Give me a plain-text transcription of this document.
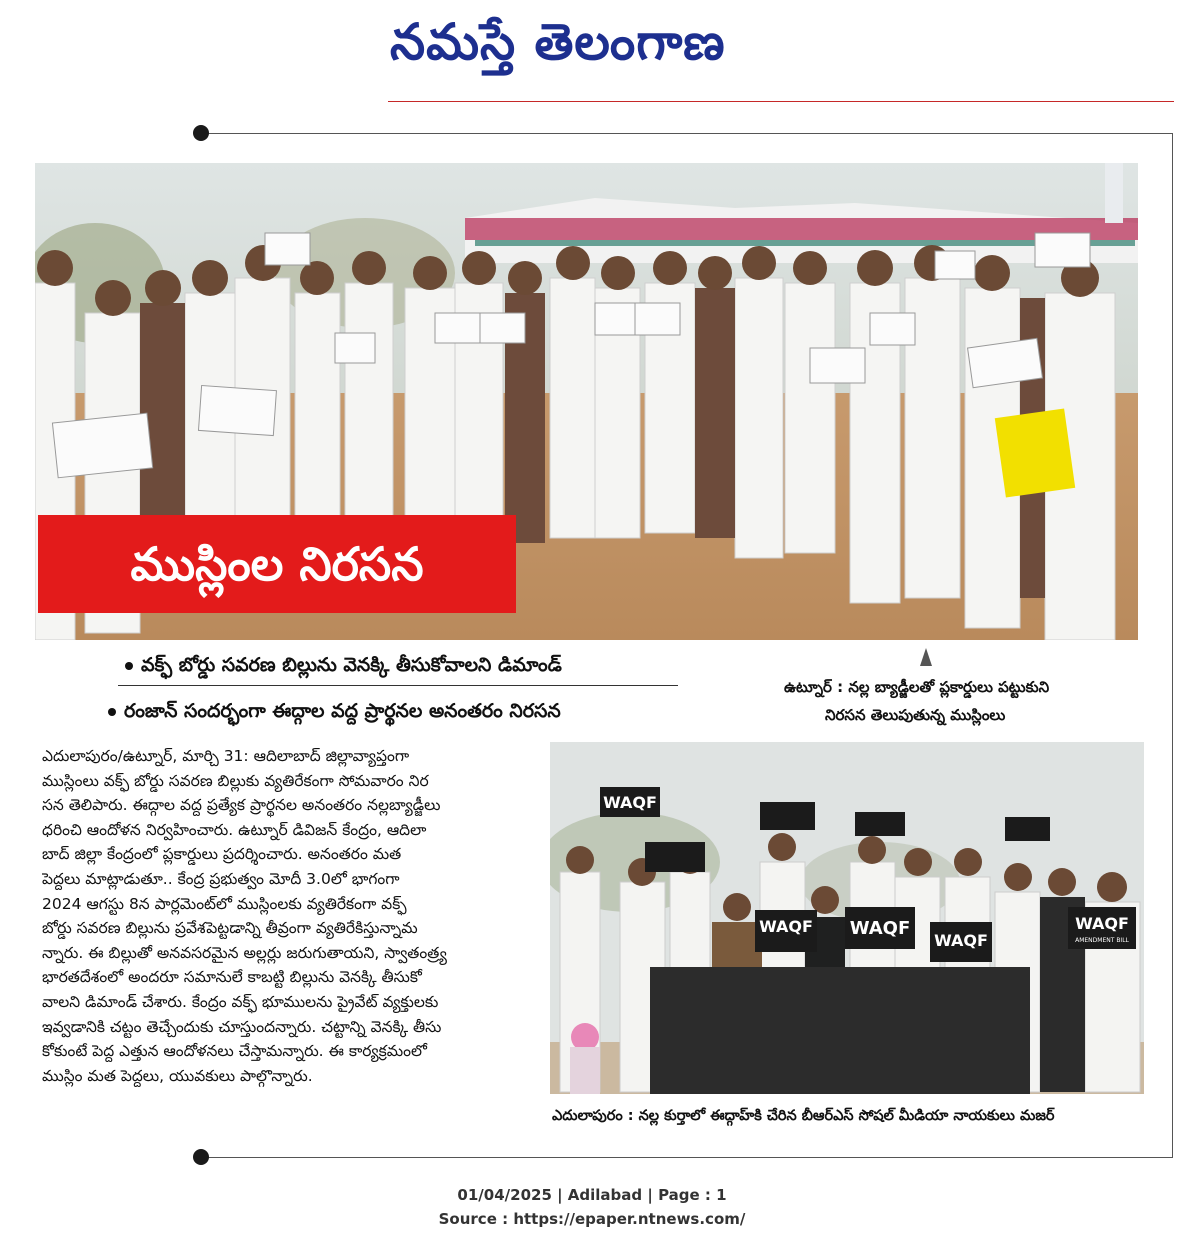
నమస్తే తెలంగాణ
ముస్లింల నిరసన
వక్ఫ్ బోర్డు సవరణ బిల్లును వెనక్కి తీసుకోవాలని డిమాండ్
రంజాన్ సందర్భంగా ఈద్గాల వద్ద ప్రార్థనల అనంతరం నిరసన
ఉట్నూర్ : నల్ల బ్యాడ్జీలతో ప్లకార్డులు పట్టుకుని
నిరసన తెలుపుతున్న ముస్లింలు
ఎదులాపురం/ఉట్నూర్, మార్చి 31: ఆదిలాబాద్ జిల్లావ్యాప్తంగా
ముస్లింలు వక్ఫ్ బోర్డు సవరణ బిల్లుకు వ్యతిరేకంగా సోమవారం నిర
సన తెలిపారు. ఈద్గాల వద్ద ప్రత్యేక ప్రార్థనల అనంతరం నల్లబ్యాడ్జీలు
ధరించి ఆందోళన నిర్వహించారు. ఉట్నూర్ డివిజన్ కేంద్రం, ఆదిలా
బాద్ జిల్లా కేంద్రంలో ప్లకార్డులు ప్రదర్శించారు. అనంతరం మత
పెద్దలు మాట్లాడుతూ.. కేంద్ర ప్రభుత్వం మోదీ 3.0లో భాగంగా
2024 ఆగస్టు 8న పార్లమెంట్‌లో ముస్లింలకు వ్యతిరేకంగా వక్ఫ్
బోర్డు సవరణ బిల్లును ప్రవేశపెట్టడాన్ని తీవ్రంగా వ్యతిరేకిస్తున్నామ
న్నారు. ఈ బిల్లుతో అనవసరమైన అల్లర్లు జరుగుతాయని, స్వాతంత్ర్య
భారతదేశంలో అందరూ సమానులే కాబట్టి బిల్లును వెనక్కి తీసుకో
వాలని డిమాండ్ చేశారు. కేంద్రం వక్ఫ్ భూములను ప్రైవేట్ వ్యక్తులకు
ఇవ్వడానికి చట్టం తెచ్చేందుకు చూస్తుందన్నారు. చట్టాన్ని వెనక్కి తీసు
కోకుంటే పెద్ద ఎత్తున ఆందోళనలు చేస్తామన్నారు. ఈ కార్యక్రమంలో
ముస్లిం మత పెద్దలు, యువకులు పాల్గొన్నారు.
WAQF
WAQF WAQF
WAQF
WAQF
AMENDMENT BILL
ఎదులాపురం : నల్ల కుర్తాలో ఈద్గాహ్‌కి చేరిన బీఆర్‌ఎస్ సోషల్ మీడియా నాయకులు మజర్
01/04/2025 | Adilabad | Page : 1
Source : https://epaper.ntnews.com/
